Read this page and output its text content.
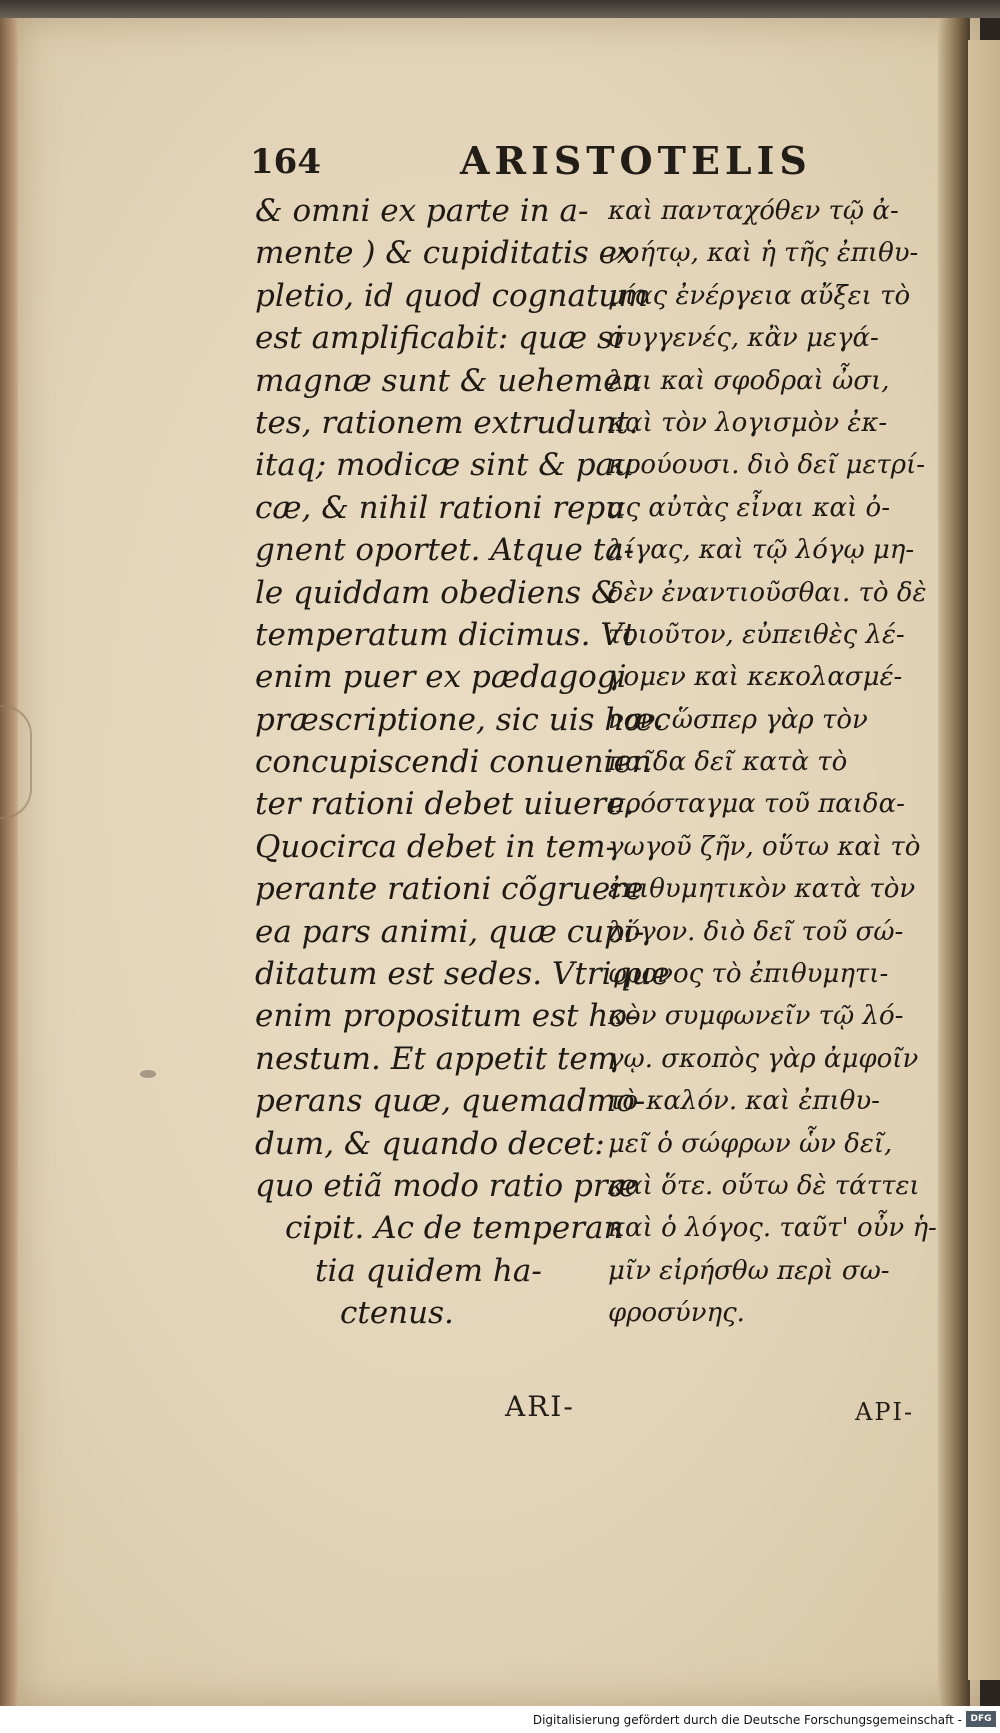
164	ARISTOTELIS
& omni ex parte in a-
mente ) & cupiditatis ex
pletio, id quod cognatum
est amplificabit: quæ si
magnæ sunt & uehemen
tes, rationem extrudunt.
itaq; modicæ sint & pau
cæ, & nihil rationi repu
gnent oportet. Atque ta-
le quiddam obediens &
temperatum dicimus. Vt
enim puer ex pædagogi
præscriptione, sic uis hæc
concupiscendi conuenien
ter rationi debet uiuere.
Quocirca debet in tem-
perante rationi cõgruere
ea pars animi, quæ cupi-
ditatum est sedes. Vtrique
enim propositum est ho-
nestum. Et appetit tem
perans quæ, quemadmo-
dum, & quando decet:
quo etiã modo ratio præ
cipit. Ac de temperan
tia quidem ha-
ctenus.
καὶ πανταχόθεν τῷ ἀ-
νοήτῳ, καὶ ἡ τῆς ἐπιθυ-
μίας ἐνέργεια αὔξει τὸ
συγγενές, κἂν μεγά-
λαι καὶ σφοδραὶ ὦσι,
καὶ τὸν λογισμὸν ἐκ-
κρούουσι. διὸ δεῖ μετρί-
ας αὐτὰς εἶναι καὶ ὀ-
λίγας, καὶ τῷ λόγῳ μη-
δὲν ἐναντιοῦσθαι. τὸ δὲ
τοιοῦτον, εὐπειθὲς λέ-
γομεν καὶ κεκολασμέ-
νον. ὥσπερ γὰρ τὸν
παῖδα δεῖ κατὰ τὸ
πρόσταγμα τοῦ παιδα-
γωγοῦ ζῆν, οὕτω καὶ τὸ
ἐπιθυμητικὸν κατὰ τὸν
λόγον. διὸ δεῖ τοῦ σώ-
φρονος τὸ ἐπιθυμητι-
κὸν συμφωνεῖν τῷ λό-
γῳ. σκοπὸς γὰρ ἀμφοῖν
τὸ καλόν. καὶ ἐπιθυ-
μεῖ ὁ σώφρων ὧν δεῖ,
καὶ ὅτε. οὕτω δὲ τάττει
καὶ ὁ λόγος. ταῦτ' οὖν ἡ-
μῖν εἰρήσθω περὶ σω-
φροσύνης.
ARI-	ΑΡΙ-
Digitalisierung gefördert durch die Deutsche Forschungsgemeinschaft - DFG
